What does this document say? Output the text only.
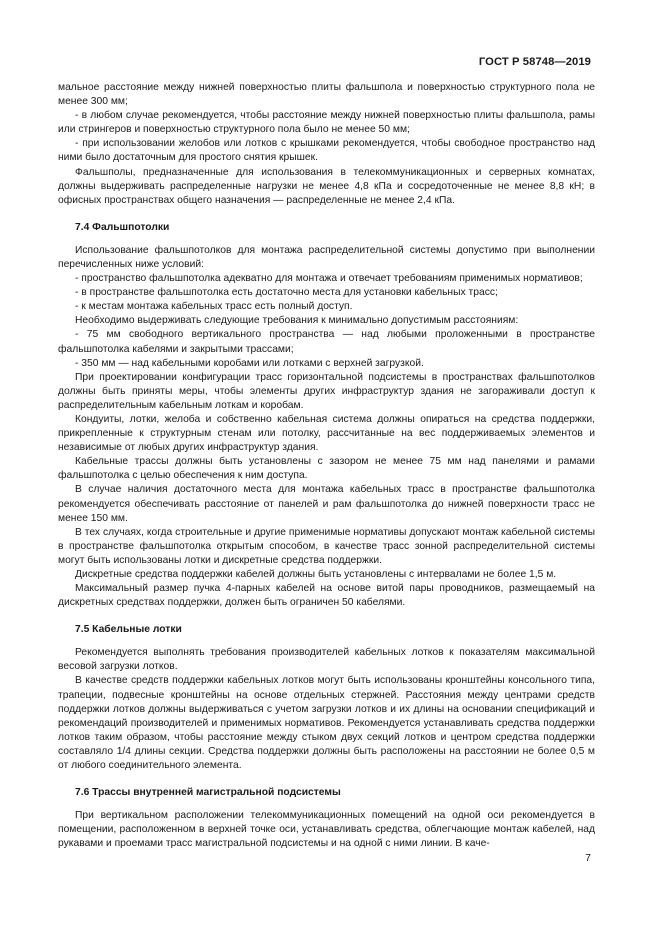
ГОСТ Р 58748—2019

мальное расстояние между нижней поверхностью плиты фальшпола и поверхностью структурного пола не менее 300 мм;

- в любом случае рекомендуется, чтобы расстояние между нижней поверхностью плиты фальшпола, рамы или стрингеров и поверхностью структурного пола было не менее 50 мм;

- при использовании желобов или лотков с крышками рекомендуется, чтобы свободное пространство над ними было достаточным для простого снятия крышек.

Фальшполы, предназначенные для использования в телекоммуникационных и серверных комнатах, должны выдерживать распределенные нагрузки не менее 4,8 кПа и сосредоточенные не менее 8,8 кН; в офисных пространствах общего назначения — распределенные не менее 2,4 кПа.

7.4 Фальшпотолки

Использование фальшпотолков для монтажа распределительной системы допустимо при выполнении перечисленных ниже условий:

- пространство фальшпотолка адекватно для монтажа и отвечает требованиям применимых нормативов;

- в пространстве фальшпотолка есть достаточно места для установки кабельных трасс;

- к местам монтажа кабельных трасс есть полный доступ.

Необходимо выдерживать следующие требования к минимально допустимым расстояниям:

- 75 мм свободного вертикального пространства — над любыми проложенными в пространстве фальшпотолка кабелями и закрытыми трассами;

- 350 мм — над кабельными коробами или лотками с верхней загрузкой.

При проектировании конфигурации трасс горизонтальной подсистемы в пространствах фальшпотолков должны быть приняты меры, чтобы элементы других инфраструктур здания не загораживали доступ к распределительным кабельным лоткам и коробам.

Кондуиты, лотки, желоба и собственно кабельная система должны опираться на средства поддержки, прикрепленные к структурным стенам или потолку, рассчитанные на вес поддерживаемых элементов и независимые от любых других инфраструктур здания.

Кабельные трассы должны быть установлены с зазором не менее 75 мм над панелями и рамами фальшпотолка с целью обеспечения к ним доступа.

В случае наличия достаточного места для монтажа кабельных трасс в пространстве фальшпотолка рекомендуется обеспечивать расстояние от панелей и рам фальшпотолка до нижней поверхности трасс не менее 150 мм.

В тех случаях, когда строительные и другие применимые нормативы допускают монтаж кабельной системы в пространстве фальшпотолка открытым способом, в качестве трасс зонной распределительной системы могут быть использованы лотки и дискретные средства поддержки.

Дискретные средства поддержки кабелей должны быть установлены с интервалами не более 1,5 м.

Максимальный размер пучка 4-парных кабелей на основе витой пары проводников, размещаемый на дискретных средствах поддержки, должен быть ограничен 50 кабелями.

7.5 Кабельные лотки

Рекомендуется выполнять требования производителей кабельных лотков к показателям максимальной весовой загрузки лотков.

В качестве средств поддержки кабельных лотков могут быть использованы кронштейны консольного типа, трапеции, подвесные кронштейны на основе отдельных стержней. Расстояния между центрами средств поддержки лотков должны выдерживаться с учетом загрузки лотков и их длины на основании спецификаций и рекомендаций производителей и применимых нормативов. Рекомендуется устанавливать средства поддержки лотков таким образом, чтобы расстояние между стыком двух секций лотков и центром средства поддержки составляло 1/4 длины секции. Средства поддержки должны быть расположены на расстоянии не более 0,5 м от любого соединительного элемента.

7.6 Трассы внутренней магистральной подсистемы

При вертикальном расположении телекоммуникационных помещений на одной оси рекомендуется в помещении, расположенном в верхней точке оси, устанавливать средства, облегчающие монтаж кабелей, над рукавами и проемами трасс магистральной подсистемы и на одной с ними линии. В каче-

7
